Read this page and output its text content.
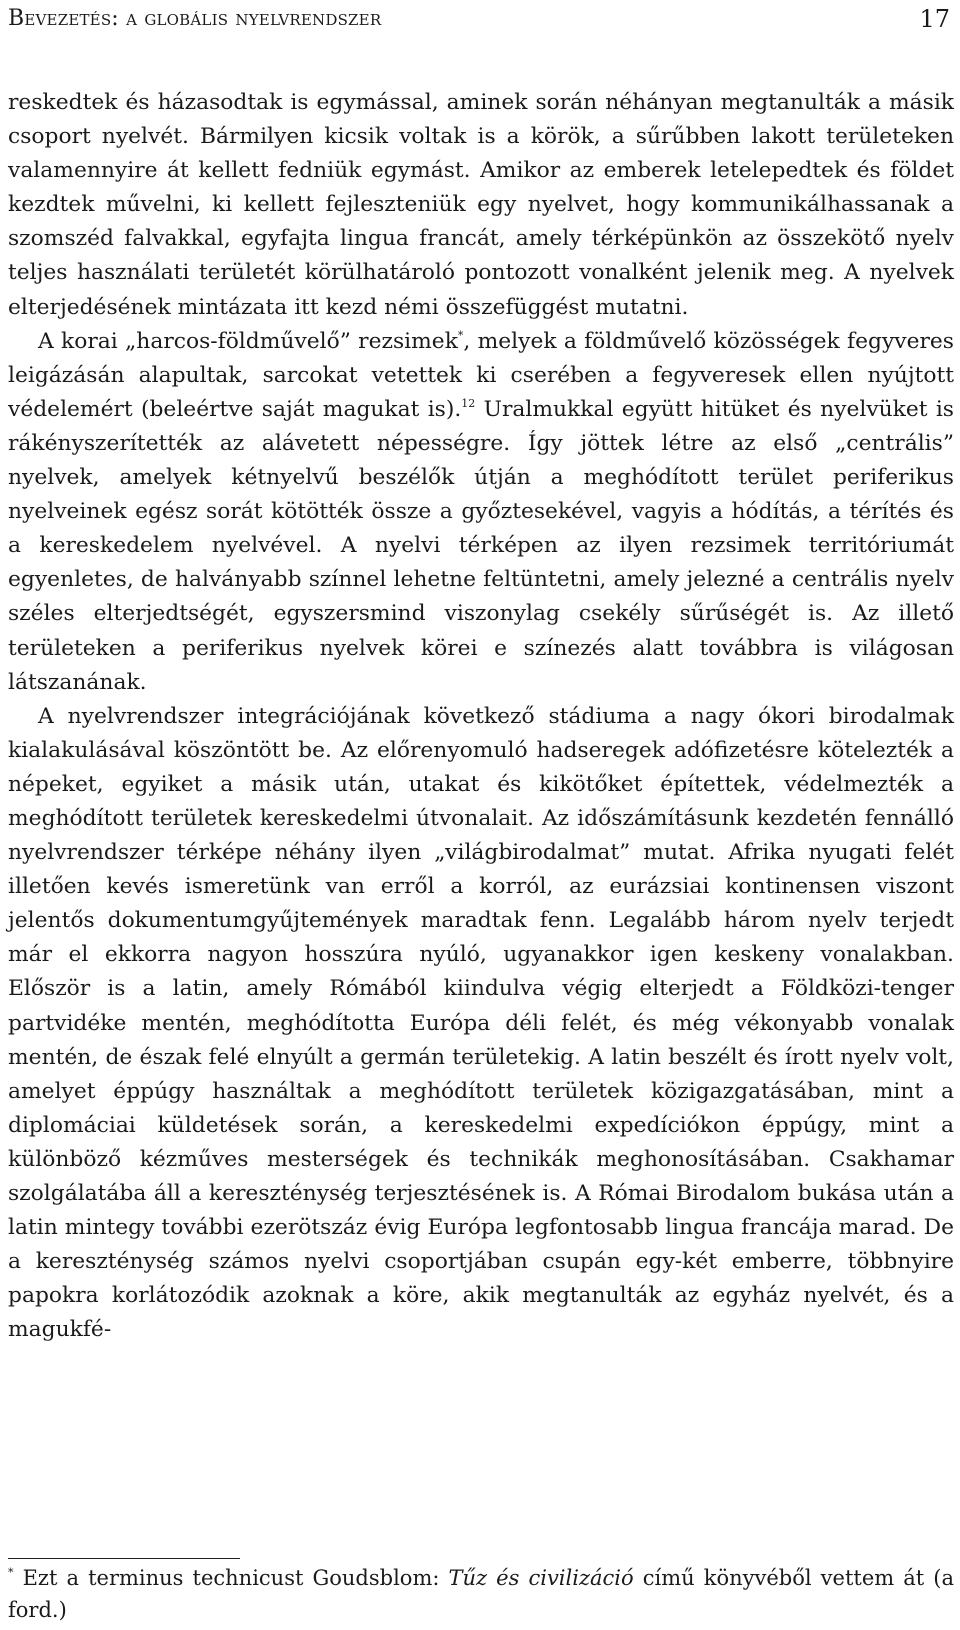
Bevezetés: a globális nyelvrendszer	17

reskedtek és házasodtak is egymással, aminek során néhányan megtanulták a másik csoport nyelvét. Bármilyen kicsik voltak is a körök, a sűrűbben lakott területeken valamennyire át kellett fedniük egymást. Amikor az emberek letelepedtek és földet kezdtek művelni, ki kellett fejleszteniük egy nyelvet, hogy kommunikálhassanak a szomszéd falvakkal, egyfajta lingua francát, amely térképünkön az összekötő nyelv teljes használati területét körülhatároló pontozott vonalként jelenik meg. A nyelvek elterjedésének mintázata itt kezd némi összefüggést mutatni.

A korai „harcos-földművelő” rezsimek*, melyek a földművelő közösségek fegyveres leigázásán alapultak, sarcokat vetettek ki cserében a fegyveresek ellen nyújtott védelemért (beleértve saját magukat is).$^{12}$ Uralmukkal együtt hitüket és nyelvüket is rákényszerítették az alávetett népességre. Így jöttek létre az első „centrális” nyelvek, amelyek kétnyelvű beszélők útján a meghódított terület periferikus nyelveinek egész sorát kötötték össze a győztesekével, vagyis a hódítás, a térítés és a kereskedelem nyelvével. A nyelvi térképen az ilyen rezsimek territóriumát egyenletes, de halványabb színnel lehetne feltüntetni, amely jelezné a centrális nyelv széles elterjedtségét, egyszersmind viszonylag csekély sűrűségét is. Az illető területeken a periferikus nyelvek körei e színezés alatt továbbra is világosan látszanának.

A nyelvrendszer integrációjának következő stádiuma a nagy ókori birodalmak kialakulásával köszöntött be. Az előrenyomuló hadseregek adófizetésre kötelezték a népeket, egyiket a másik után, utakat és kikötőket építettek, védelmezték a meghódított területek kereskedelmi útvonalait. Az időszámításunk kezdetén fennálló nyelvrendszer térképe néhány ilyen „világbirodalmat” mutat. Afrika nyugati felét illetően kevés ismeretünk van erről a korról, az eurázsiai kontinensen viszont jelentős dokumentumgyűjtemények maradtak fenn. Legalább három nyelv terjedt már el ekkorra nagyon hosszúra nyúló, ugyanakkor igen keskeny vonalakban. Először is a latin, amely Rómából kiindulva végig elterjedt a Földközi-tenger partvidéke mentén, meghódította Európa déli felét, és még vékonyabb vonalak mentén, de észak felé elnyúlt a germán területekig. A latin beszélt és írott nyelv volt, amelyet éppúgy használtak a meghódított területek közigazgatásában, mint a diplomáciai küldetések során, a kereskedelmi expedíciókon éppúgy, mint a különböző kézműves mesterségek és technikák meghonosításában. Csakhamar szolgálatába áll a kereszténység terjesztésének is. A Római Birodalom bukása után a latin mintegy további ezerötszáz évig Európa legfontosabb lingua francája marad. De a kereszténység számos nyelvi csoportjában csupán egy-két emberre, többnyire papokra korlátozódik azoknak a köre, akik megtanulták az egyház nyelvét, és a magukfé-

* Ezt a terminus technicust Goudsblom: Tűz és civilizáció című könyvéből vettem át (a ford.)
